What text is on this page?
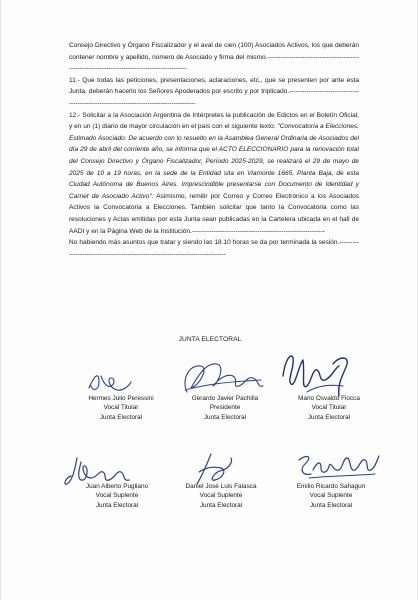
Consejo Directivo y Órgano Fiscalizador y el aval de cien (100) Asociados Activos, los que deberán contener nombre y apellido, número de Asociado y firma del mismo.------------------------------------------------------------------------------------------------

11.- Que todas las peticiones, presentaciones, aclaraciones, etc., que se presenten por ante esta Junta, deberán hacerlo los Señores Apoderados por escrito y por triplicado.------------------------------------------------------------------------------------------

12.- Solicitar a la Asociación Argentina de Intérpretes la publicación de Edictos en el Boletín Oficial, y en un (1) diario de mayor circulación en el país con el siguiente texto: "Convocatoria a Elecciones. Estimado Asociado: De acuerdo con lo resuelto en la Asamblea General Ordinaria de Asociados del día 29 de abril del corriente año, se informa que el ACTO ELECCIONARIO para la renovación total del Consejo Directivo y Órgano Fiscalizador, Período 2025-2029, se realizará el 29 de mayo de 2025 de 10 a 19 horas, en la sede de la Entidad sita en Viamonte 1665, Planta Baja, de esta Ciudad Autónoma de Buenos Aires. Imprescindible presentarse con Documento de Identidad y Carnet de Asociado Activo". Asimismo, remitir por Correo y Correo Electrónico a los Asociados Activos la Convocatoria a Elecciones. También solicitar que tanto la Convocatoria como las resoluciones y Actas emitidas por esta Junta sean publicadas en la Cartelera ubicada en el hall de AADI y en la Página Web de la Institución.-------------------------------------------------------------

No habiendo más asuntos que tratar y siendo las 18.10 horas se da por terminada la sesión.---------------------------------------------------------------------------------

JUNTA ELECTORAL
Hermes Julio Peressini
Vocal Titular
Junta Electoral
Gerardo Javier Pachilla
Presidente
Junta Electoral
Mario Osvaldo Fiocca
Vocal Titular
Junta Electoral
Juan Alberto Pugliano
Vocal Suplente
Junta Electoral
Daniel José Luis Falasca
Vocal Suplente
Junta Electoral
Emilio Ricardo Sahagun
Vocal Suplente
Junta Electoral
